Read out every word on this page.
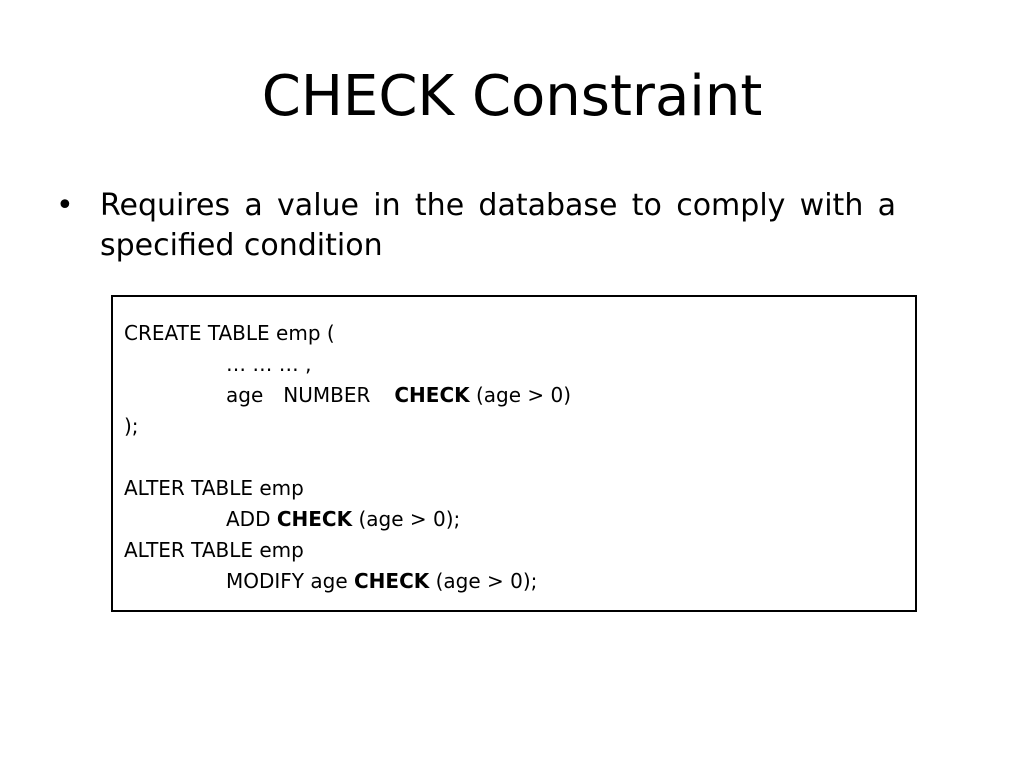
CHECK Constraint
• Requires a value in the database to comply with a specified condition
CREATE TABLE emp (
… … … ,
age NUMBER CHECK (age > 0)
);
ALTER TABLE emp
ADD CHECK (age > 0);
ALTER TABLE emp
MODIFY age CHECK (age > 0);
